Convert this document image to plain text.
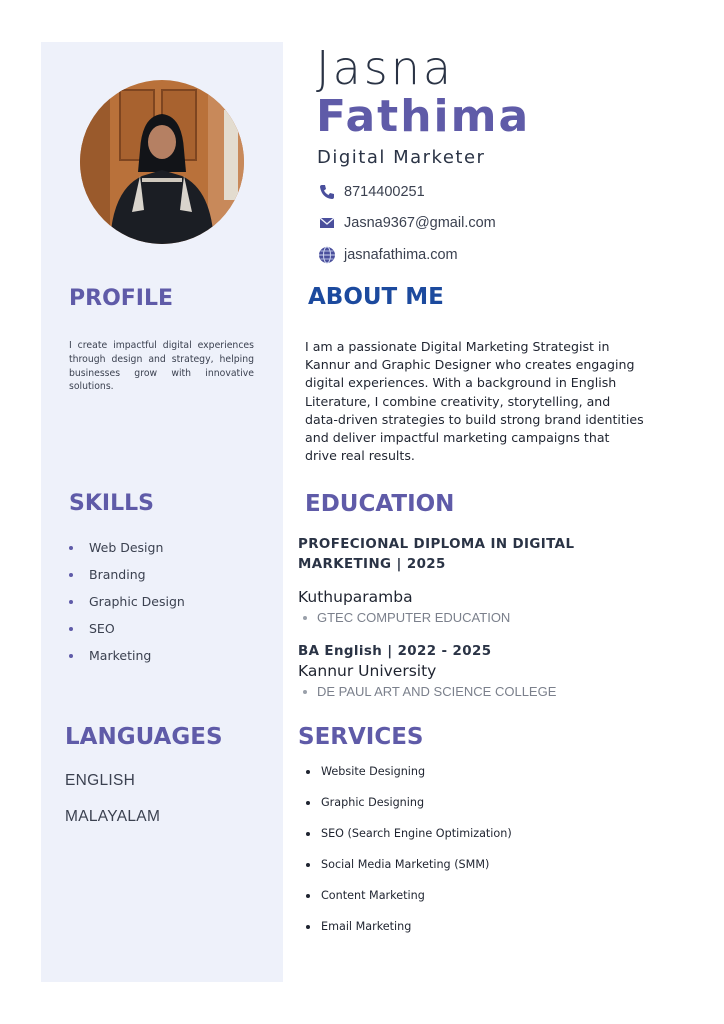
Jasna
Fathima
Digital Marketer
8714400251
Jasna9367@gmail.com
jasnafathima.com
PROFILE
I create impactful digital experiences through design and strategy, helping businesses grow with innovative solutions.
ABOUT ME
I am a passionate Digital Marketing Strategist in Kannur and Graphic Designer who creates engaging digital experiences. With a background in English Literature, I combine creativity, storytelling, and data-driven strategies to build strong brand identities and deliver impactful marketing campaigns that drive real results.
SKILLS
Web Design
Branding
Graphic Design
SEO
Marketing
EDUCATION
PROFECIONAL DIPLOMA IN DIGITAL MARKETING | 2025
Kuthuparamba
GTEC COMPUTER EDUCATION
BA English | 2022 - 2025
Kannur University
DE PAUL ART AND SCIENCE COLLEGE
LANGUAGES
ENGLISH
MALAYALAM
SERVICES
Website Designing
Graphic Designing
SEO (Search Engine Optimization)
Social Media Marketing (SMM)
Content Marketing
Email Marketing
